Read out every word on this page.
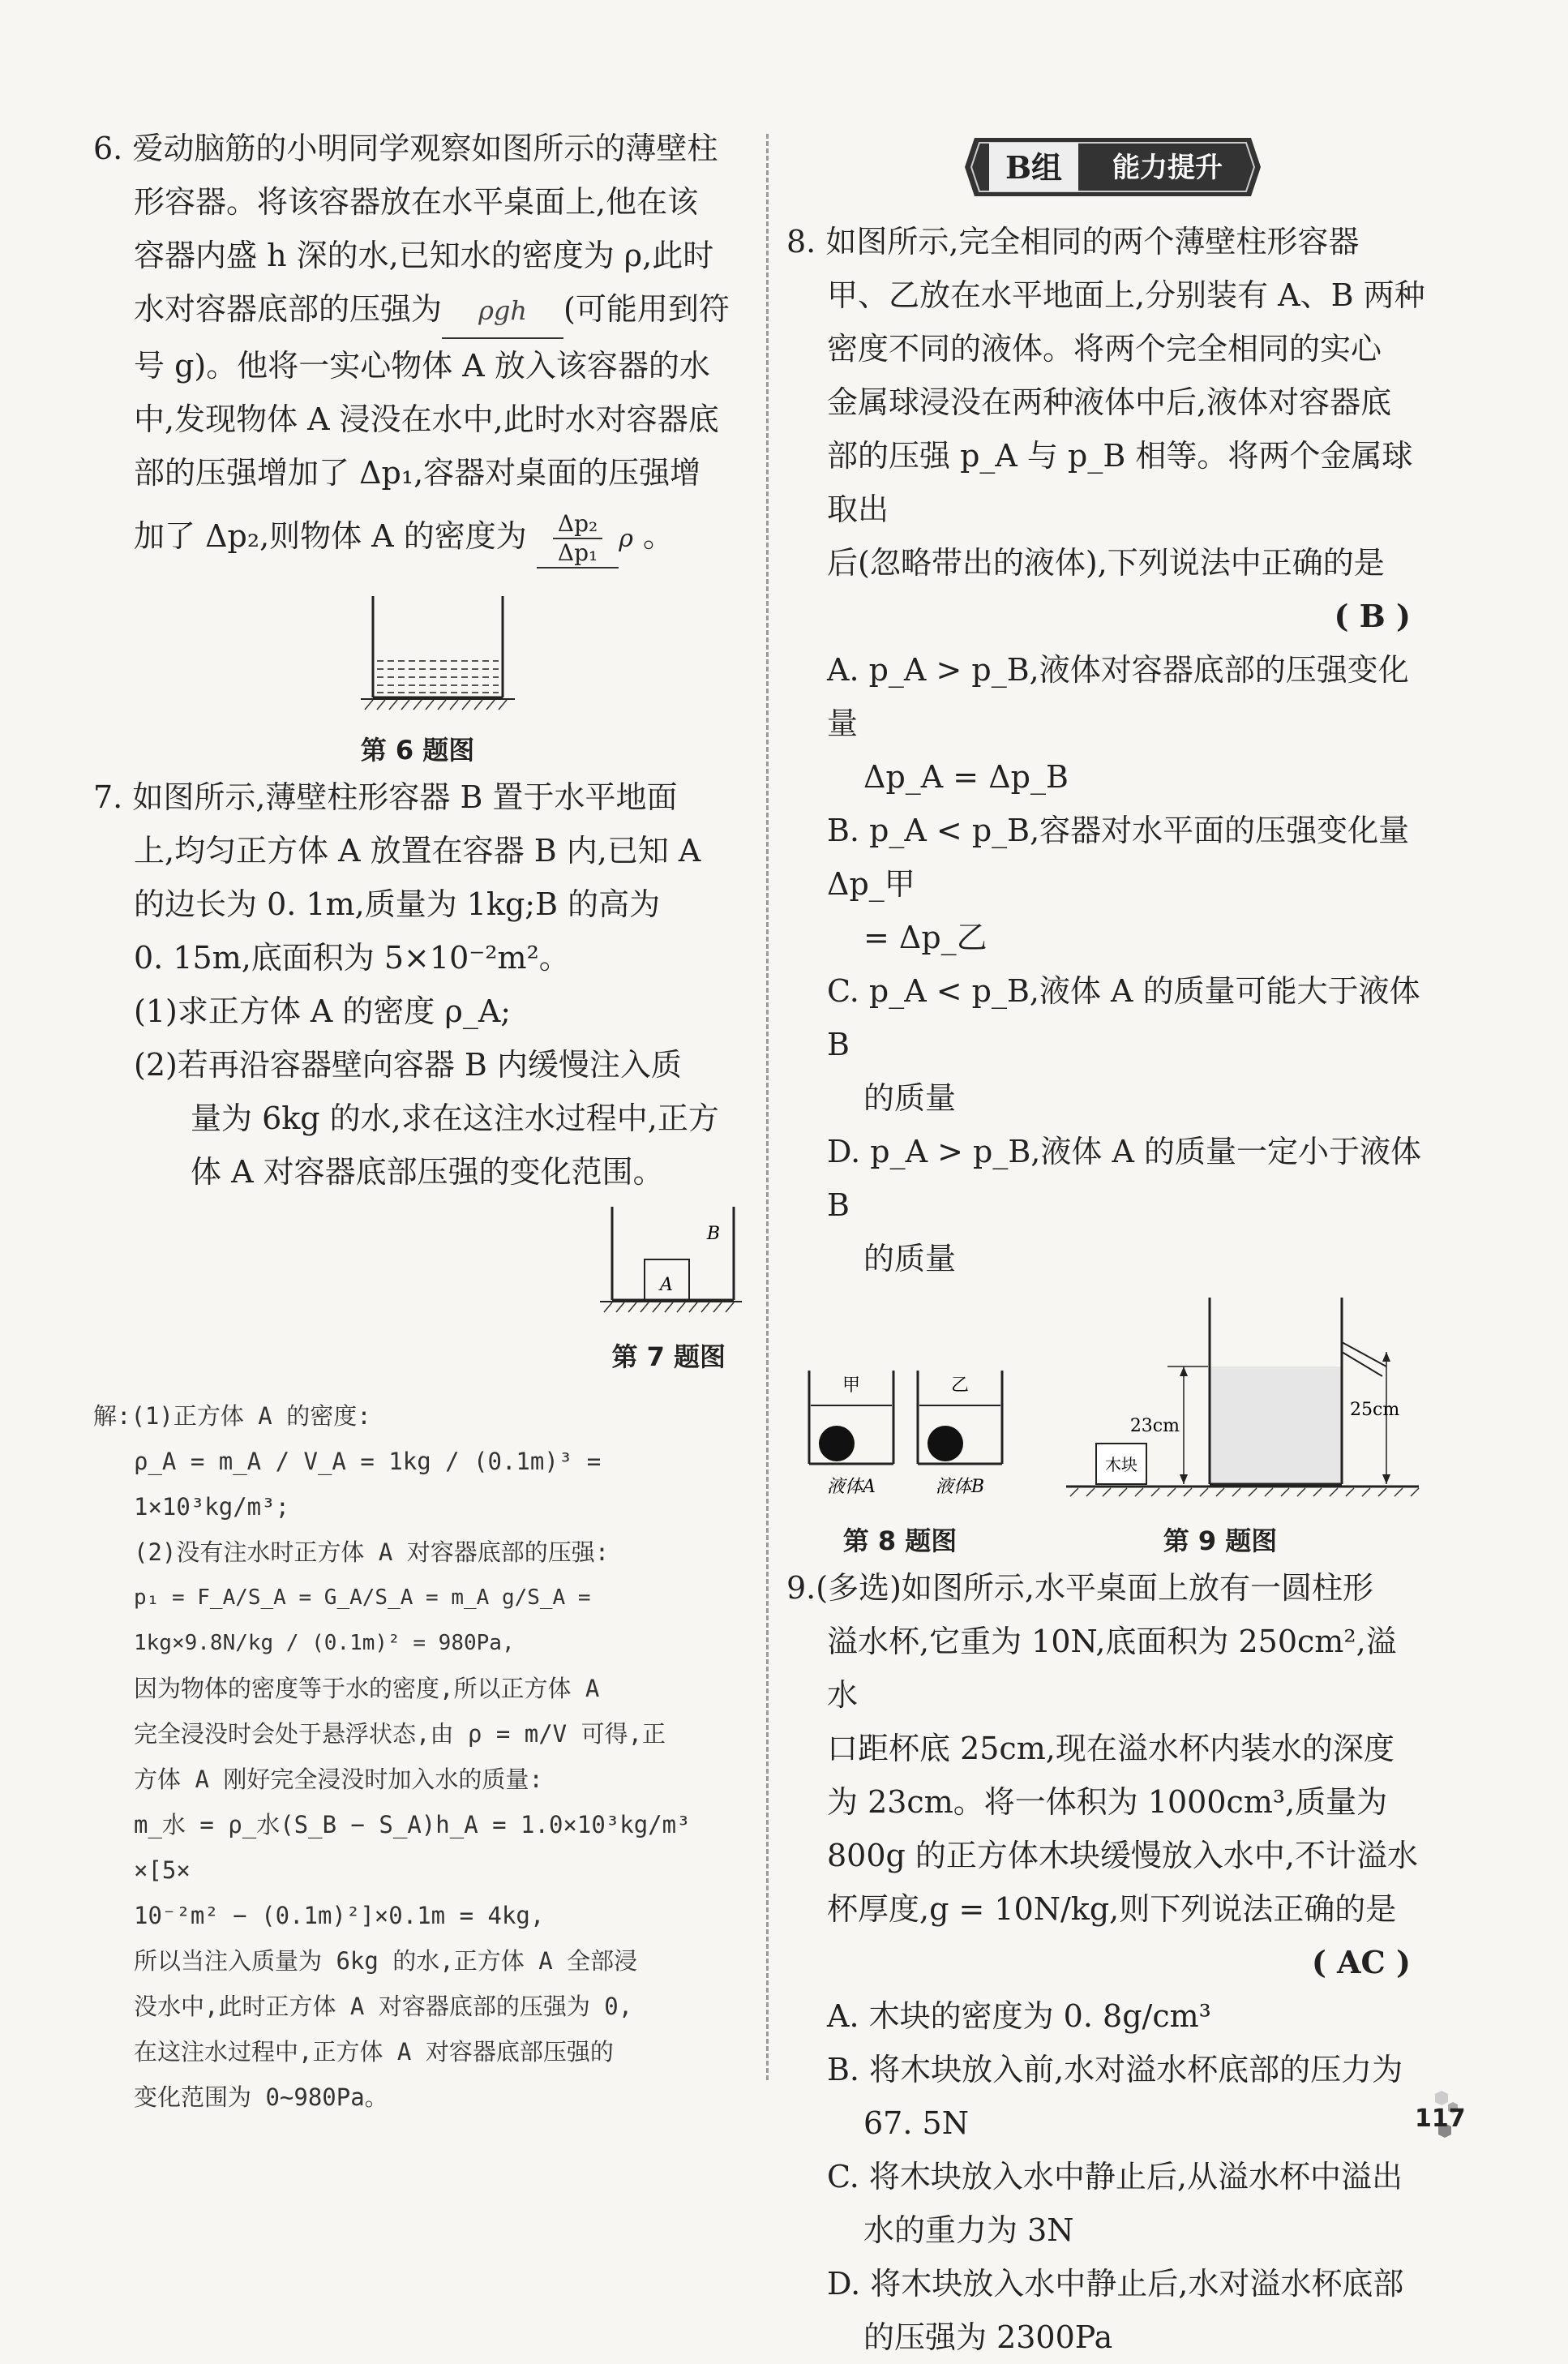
B组 能力提升

6. 爱动脑筋的小明同学观察如图所示的薄壁柱

形容器。将该容器放在水平桌面上,他在该

容器内盛 h 深的水,已知水的密度为 ρ,此时

水对容器底部的压强为 ρgh (可能用到符

号 g)。他将一实心物体 A 放入该容器的水

中,发现物体 A 浸没在水中,此时水对容器底

部的压强增加了 Δp₁,容器对桌面的压强增

加了 Δp₂,则物体 A 的密度为 $\frac{\text{Δp₂}}{\text{Δp₁}}$ ρ 。

第 6 题图

7. 如图所示,薄壁柱形容器 B 置于水平地面

上,均匀正方体 A 放置在容器 B 内,已知 A

的边长为 0. 1m,质量为 1kg;B 的高为

0. 15m,底面积为 5×10⁻²m²。

(1)求正方体 A 的密度 ρ_A;

(2)若再沿容器壁向容器 B 内缓慢注入质

量为 6kg 的水,求在这注水过程中,正方

体 A 对容器底部压强的变化范围。

A
B
第 7 题图
解:(1)正方体 A 的密度:
ρ_A = m_A / V_A = 1kg / (0.1m)³ = 1×10³kg/m³;
(2)没有注水时正方体 A 对容器底部的压强:
p₁ = F_A/S_A = G_A/S_A = m_A g/S_A = 1kg×9.8N/kg / (0.1m)² = 980Pa,
因为物体的密度等于水的密度,所以正方体 A
完全浸没时会处于悬浮状态,由 ρ = m/V 可得,正
方体 A 刚好完全浸没时加入水的质量:
m_水 = ρ_水(S_B − S_A)h_A = 1.0×10³kg/m³ ×[5×
10⁻²m² − (0.1m)²]×0.1m = 4kg,
所以当注入质量为 6kg 的水,正方体 A 全部浸
没水中,此时正方体 A 对容器底部的压强为 0,
在这注水过程中,正方体 A 对容器底部压强的
变化范围为 0~980Pa。

8. 如图所示,完全相同的两个薄壁柱形容器

甲、乙放在水平地面上,分别装有 A、B 两种

密度不同的液体。将两个完全相同的实心

金属球浸没在两种液体中后,液体对容器底

部的压强 p_A 与 p_B 相等。将两个金属球取出

后(忽略带出的液体),下列说法中正确的是

( B )

A. p_A > p_B,液体对容器底部的压强变化量

Δp_A = Δp_B

B. p_A < p_B,容器对水平面的压强变化量 Δp_甲

= Δp_乙

C. p_A < p_B,液体 A 的质量可能大于液体 B

的质量

D. p_A > p_B,液体 A 的质量一定小于液体 B

的质量

甲
液体A
乙
液体B
木块
23cm
25cm
第 8 题图	第 9 题图

9.(多选)如图所示,水平桌面上放有一圆柱形

溢水杯,它重为 10N,底面积为 250cm²,溢水

口距杯底 25cm,现在溢水杯内装水的深度

为 23cm。将一体积为 1000cm³,质量为

800g 的正方体木块缓慢放入水中,不计溢水

杯厚度,g = 10N/kg,则下列说法正确的是

( AC )

A. 木块的密度为 0. 8g/cm³

B. 将木块放入前,水对溢水杯底部的压力为

67. 5N

C. 将木块放入水中静止后,从溢水杯中溢出

水的重力为 3N

D. 将木块放入水中静止后,水对溢水杯底部

的压强为 2300Pa

117
